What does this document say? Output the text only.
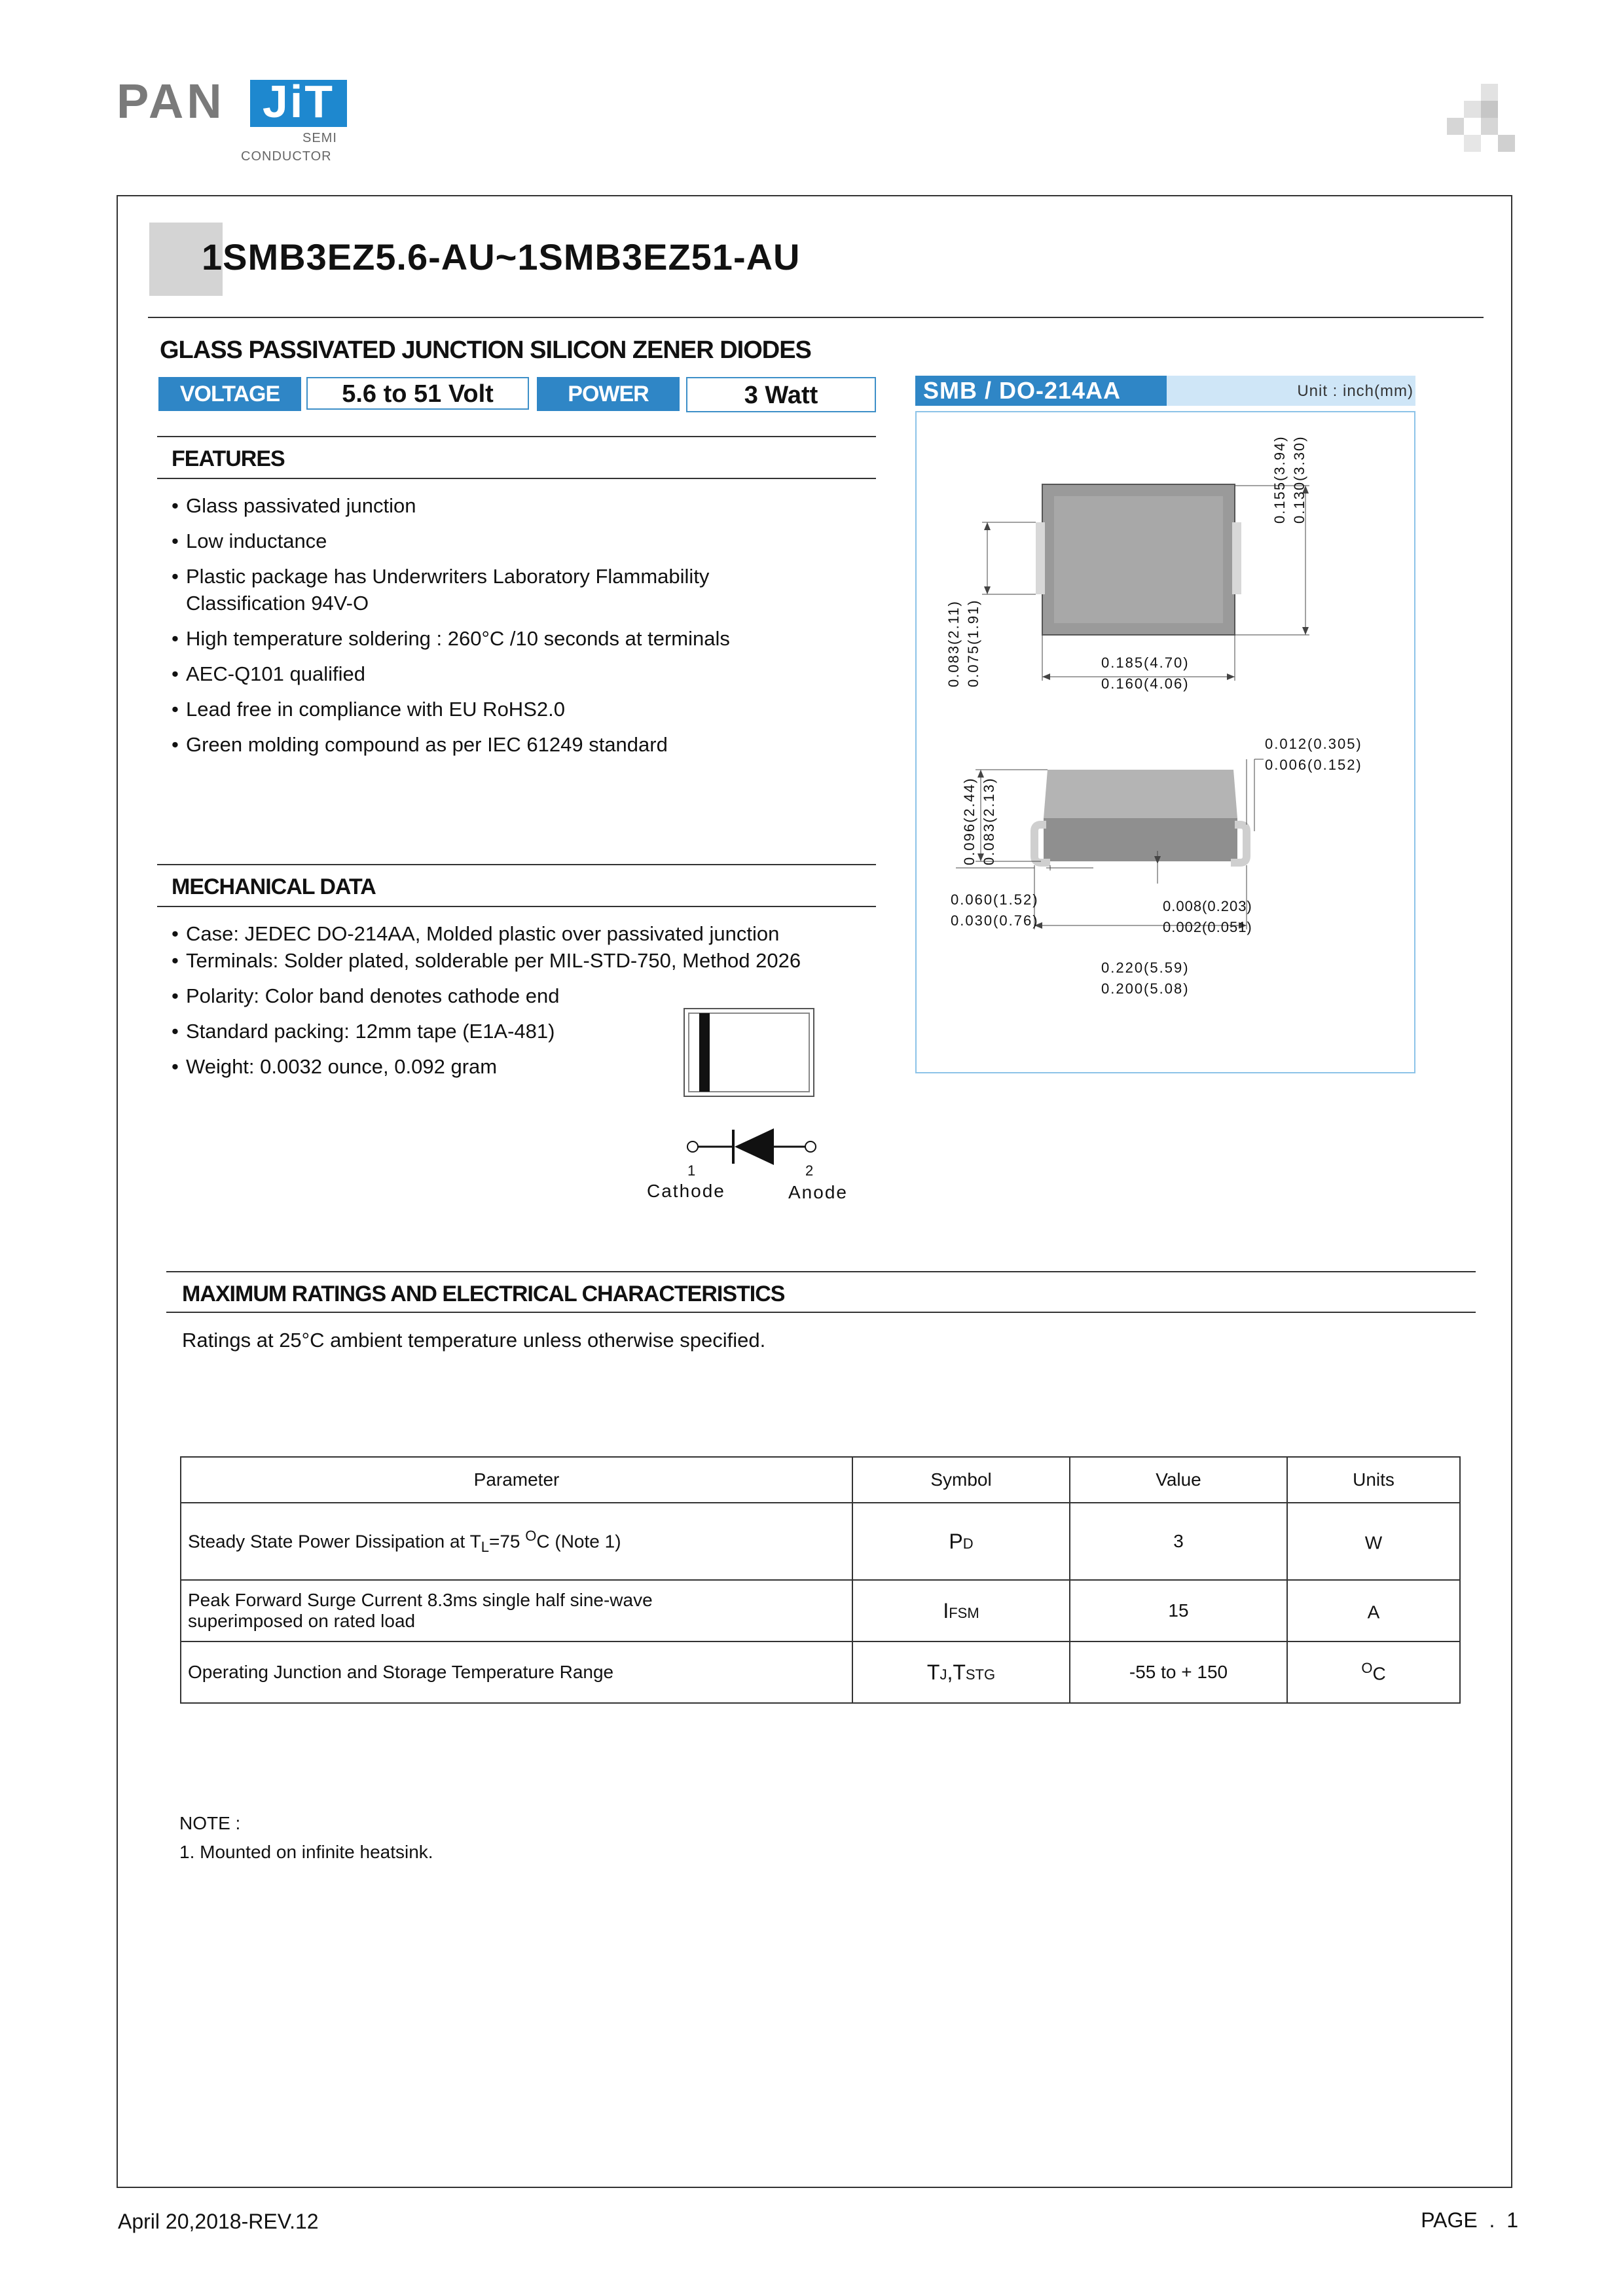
PAN JiT
SEMI
CONDUCTOR
1SMB3EZ5.6-AU~1SMB3EZ51-AU
GLASS PASSIVATED JUNCTION SILICON ZENER DIODES
VOLTAGE	5.6 to 51 Volt	POWER	3 Watt
FEATURES
• Glass passivated junction
• Low inductance
• Plastic package has Underwriters Laboratory Flammability Classification 94V-O
• High temperature soldering : 260°C /10 seconds at terminals
• AEC-Q101 qualified
• Lead free in compliance with EU RoHS2.0
• Green molding compound as per IEC 61249 standard
MECHANICAL DATA
• Case: JEDEC DO-214AA, Molded plastic over passivated junction
• Terminals: Solder plated, solderable per MIL-STD-750, Method 2026
• Polarity: Color band denotes cathode end
• Standard packing: 12mm tape (E1A-481)
• Weight: 0.0032 ounce, 0.092 gram
1	2
Cathode	Anode
SMB / DO-214AA	Unit : inch(mm)
0.155(3.94) 0.130(3.30)
0.083(2.11) 0.075(1.91)	0.185(4.70)
0.160(4.06)
0.012(0.305)
0.006(0.152)
0.096(2.44) 0.083(2.13)
0.060(1.52)
0.030(0.76)
0.008(0.203)
0.002(0.051)
0.220(5.59)
0.200(5.08)
MAXIMUM RATINGS AND ELECTRICAL CHARACTERISTICS
Ratings at 25°C ambient temperature unless otherwise specified.
Parameter	Symbol	Value	Units
Steady State Power Dissipation at $T_L=75$ $^O$C (Note 1)	PD	3	W

Peak Forward Surge Current 8.3ms single half sine-wave
superimposed on rated load	IFSM	15	A
Operating Junction and Storage Temperature Range	TJ,TSTG	-55 to + 150	$^O$C
NOTE :
1. Mounted on infinite heatsink.
April 20,2018-REV.12	PAGE  .  1
